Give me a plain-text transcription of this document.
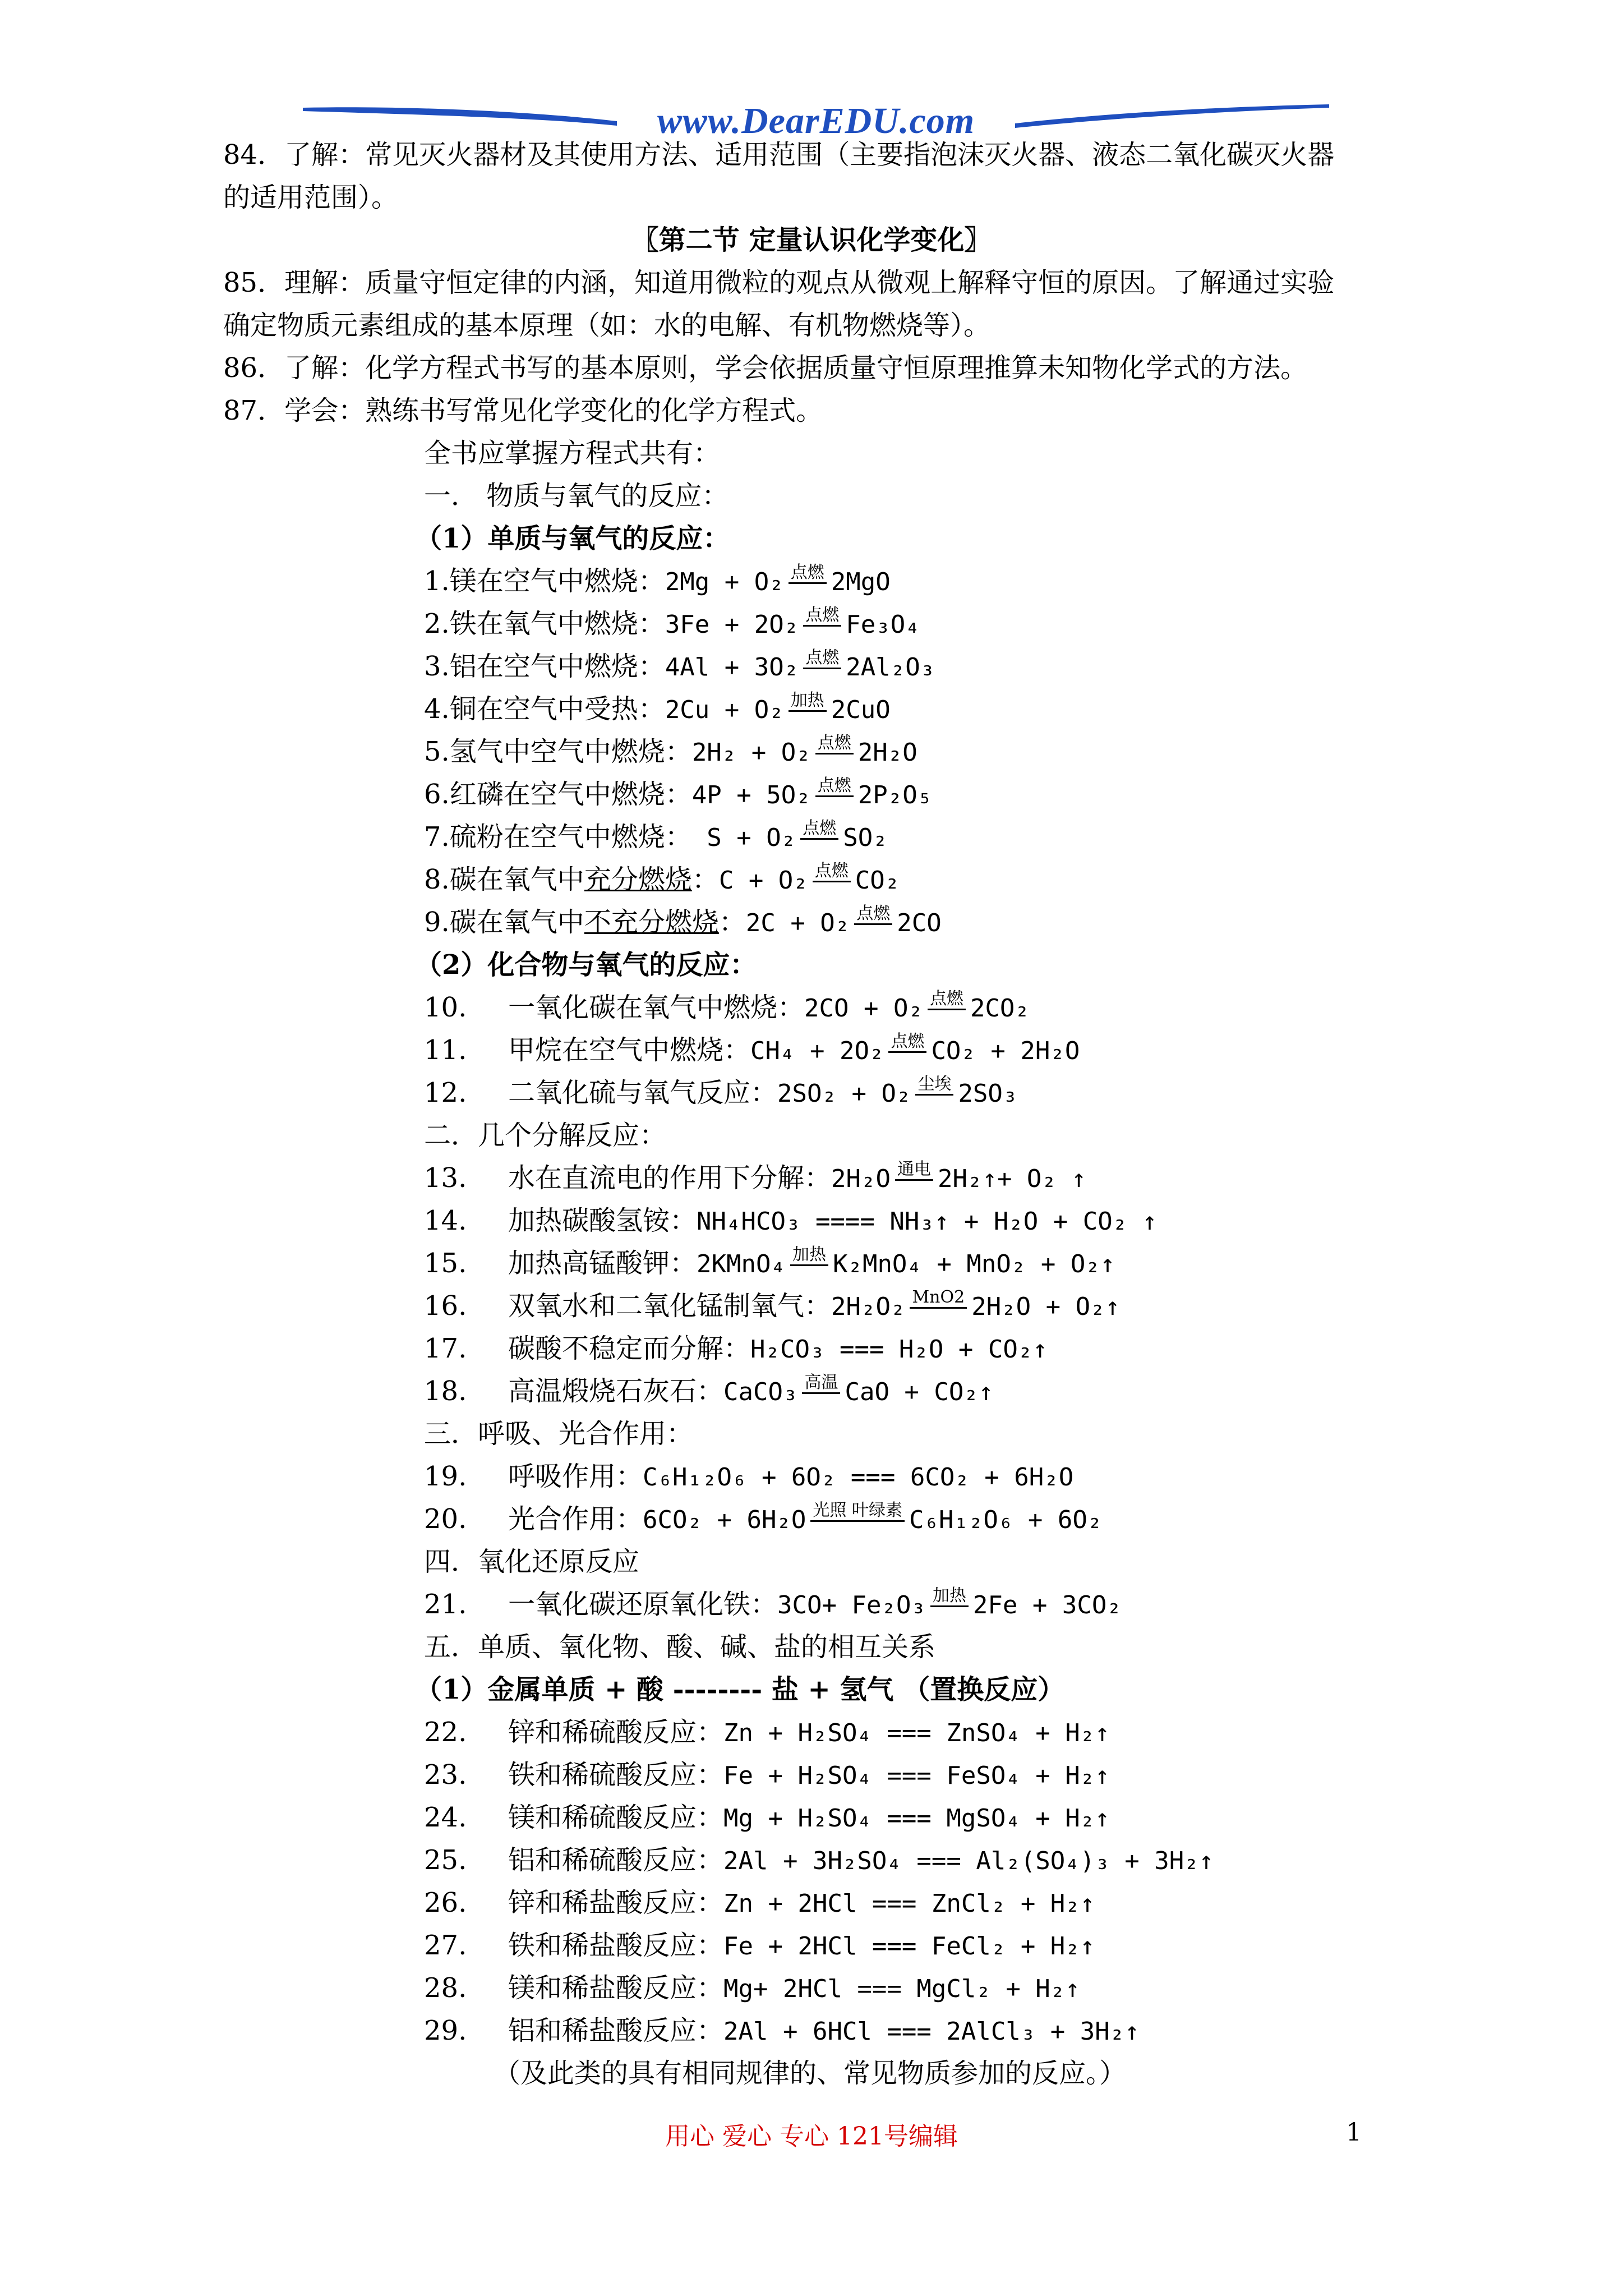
www.DearEDU.com
84．了解：常见灭火器材及其使用方法、适用范围（主要指泡沫灭火器、液态二氧化碳灭火器
的适用范围）。
〖第二节 定量认识化学变化〗
85．理解：质量守恒定律的内涵，知道用微粒的观点从微观上解释守恒的原因。了解通过实验
确定物质元素组成的基本原理（如：水的电解、有机物燃烧等）。
86．了解：化学方程式书写的基本原则，学会依据质量守恒原理推算未知物化学式的方法。
87．学会：熟练书写常见化学变化的化学方程式。
全书应掌握方程式共有：
一． 物质与氧气的反应：
（1）单质与氧气的反应：
1.镁在空气中燃烧：2Mg + O₂ 点燃 2MgO
2.铁在氧气中燃烧：3Fe + 2O₂ 点燃 Fe₃O₄
3.铝在空气中燃烧：4Al + 3O₂ 点燃 2Al₂O₃
4.铜在空气中受热：2Cu + O₂ 加热 2CuO
5.氢气中空气中燃烧：2H₂ + O₂ 点燃 2H₂O
6.红磷在空气中燃烧：4P + 5O₂ 点燃 2P₂O₅
7.硫粉在空气中燃烧： S + O₂ 点燃 SO₂
8.碳在氧气中充分燃烧：C + O₂ 点燃 CO₂
9.碳在氧气中不充分燃烧：2C + O₂ 点燃 2CO
（2）化合物与氧气的反应：
10. 一氧化碳在氧气中燃烧：2CO + O₂ 点燃 2CO₂
11. 甲烷在空气中燃烧：CH₄ + 2O₂ 点燃 CO₂ + 2H₂O
12. 二氧化硫与氧气反应：2SO₂ + O₂ 尘埃 2SO₃
二．几个分解反应：
13. 水在直流电的作用下分解：2H₂O 通电 2H₂↑+ O₂ ↑
14. 加热碳酸氢铵：NH₄HCO₃ ==== NH₃↑ + H₂O + CO₂ ↑
15. 加热高锰酸钾：2KMnO₄ 加热 K₂MnO₄ + MnO₂ + O₂↑
16. 双氧水和二氧化锰制氧气：2H₂O₂ MnO2 2H₂O + O₂↑
17. 碳酸不稳定而分解：H₂CO₃ === H₂O + CO₂↑
18. 高温煅烧石灰石：CaCO₃ 高温 CaO + CO₂↑
三．呼吸、光合作用：
19. 呼吸作用：C₆H₁₂O₆ + 6O₂ === 6CO₂ + 6H₂O
20. 光合作用：6CO₂ + 6H₂O 光照 叶绿素 C₆H₁₂O₆ + 6O₂
四．氧化还原反应
21. 一氧化碳还原氧化铁：3CO+ Fe₂O₃ 加热 2Fe + 3CO₂
五．单质、氧化物、酸、碱、盐的相互关系
（1）金属单质 + 酸 -------- 盐 + 氢气 （置换反应）
22. 锌和稀硫酸反应：Zn + H₂SO₄ === ZnSO₄ + H₂↑
23. 铁和稀硫酸反应：Fe + H₂SO₄ === FeSO₄ + H₂↑
24. 镁和稀硫酸反应：Mg + H₂SO₄ === MgSO₄ + H₂↑
25. 铝和稀硫酸反应：2Al + 3H₂SO₄ === Al₂(SO₄)₃ + 3H₂↑
26. 锌和稀盐酸反应：Zn + 2HCl === ZnCl₂ + H₂↑
27. 铁和稀盐酸反应：Fe + 2HCl === FeCl₂ + H₂↑
28. 镁和稀盐酸反应：Mg+ 2HCl === MgCl₂ + H₂↑
29. 铝和稀盐酸反应：2Al + 6HCl === 2AlCl₃ + 3H₂↑
（及此类的具有相同规律的、常见物质参加的反应。）
用心 爱心 专心 121号编辑	1
